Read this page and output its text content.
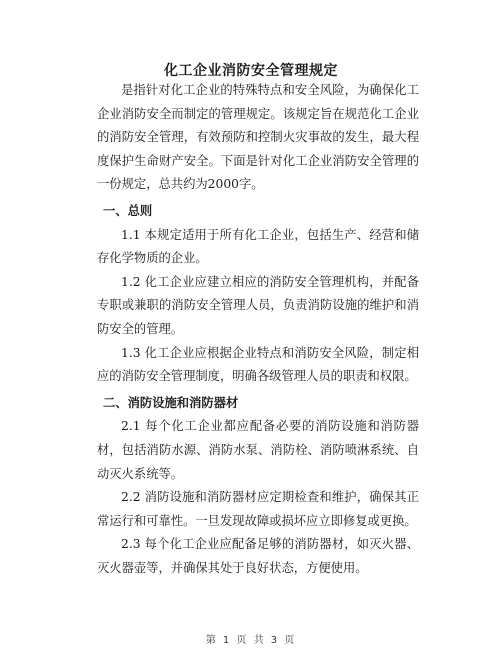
化工企业消防安全管理规定

是指针对化工企业的特殊特点和安全风险，为确保化工企业消防安全而制定的管理规定。该规定旨在规范化工企业的消防安全管理，有效预防和控制火灾事故的发生，最大程度保护生命财产安全。下面是针对化工企业消防安全管理的一份规定，总共约为2000字。

一、总则

1.1 本规定适用于所有化工企业，包括生产、经营和储存化学物质的企业。

1.2 化工企业应建立相应的消防安全管理机构，并配备专职或兼职的消防安全管理人员，负责消防设施的维护和消防安全的管理。

1.3 化工企业应根据企业特点和消防安全风险，制定相应的消防安全管理制度，明确各级管理人员的职责和权限。

二、消防设施和消防器材

2.1 每个化工企业都应配备必要的消防设施和消防器材，包括消防水源、消防水泵、消防栓、消防喷淋系统、自动灭火系统等。

2.2 消防设施和消防器材应定期检查和维护，确保其正常运行和可靠性。一旦发现故障或损坏应立即修复或更换。

2.3 每个化工企业应配备足够的消防器材，如灭火器、灭火器壶等，并确保其处于良好状态，方便使用。

第 1 页 共 3 页
